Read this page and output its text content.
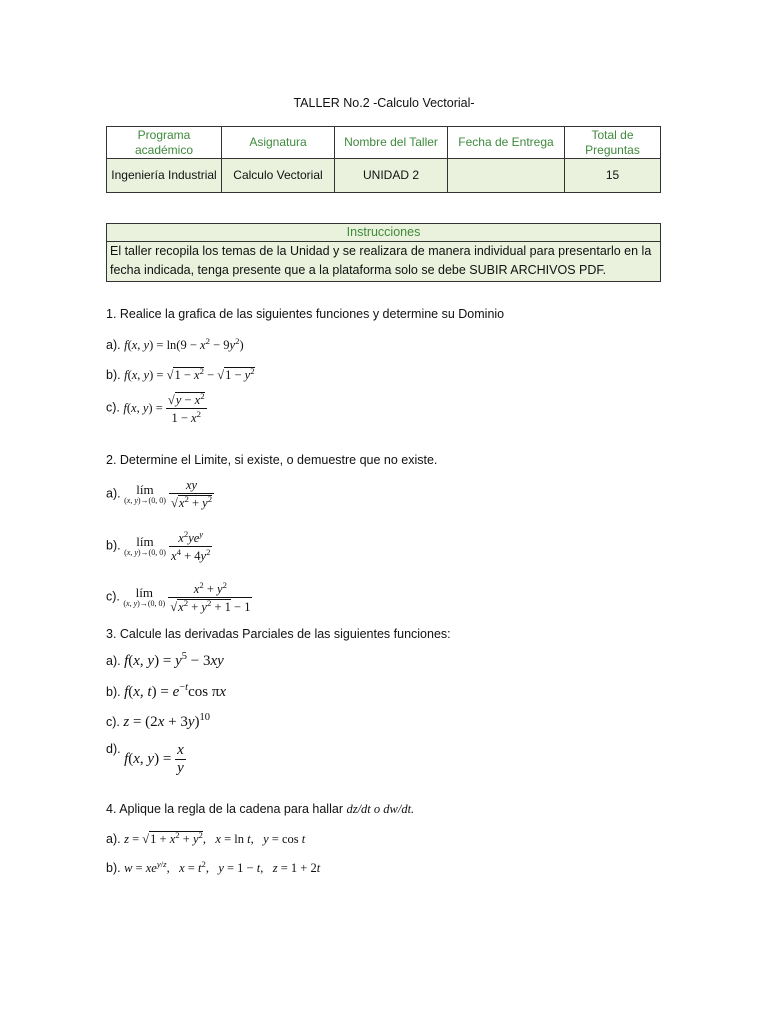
TALLER No.2 -Calculo Vectorial-
Programa académico	Asignatura	Nombre del Taller	Fecha de Entrega	Total de Preguntas
Ingeniería Industrial	Calculo Vectorial	UNIDAD 2		15
Instrucciones
El taller recopila los temas de la Unidad y se realizara de manera individual para presentarlo en la fecha indicada, tenga presente que a la plataforma solo se debe SUBIR ARCHIVOS PDF.
1. Realice la grafica de las siguientes funciones y determine su Dominio
a). f(x, $y) = \ln(9 - x^2 - 9y^2)$
b). f(x, $y) = √1 - x^2 - √1 - y^2$
c). f(x, $y) = \frac{√y - x^2}{1 - x^2}$
2. Determine el Limite, si existe, o demuestre que no existe.
a).	lím
(x, y)→(0, 0)
$\frac{xy}{√x^2 + y^2}$
b).	lím
(x, y)→(0, 0)
$\frac{x^2ye^y}{x^4 + 4y^2}$
c).	lím
(x, y)→(0, 0)
$\frac{x^2 + y^2}{√x^2 + y^2 + 1 - 1}$
3. Calcule las derivadas Parciales de las siguientes funciones:
a). f(x, $y) = y^5 - 3xy$
b). f(x, $t) = e^{-t}\cos$ πx
c). $z = (2x + 3y)^{10}$
d). f(x, $y) = \frac{x}{y}$
4. Aplique la regla de la cadena para hallar dz/dt o dw/dt.
a). $z = √1 + x^2 + y^2$,   x = ln t,   y = cos t
b). $w = xe^{y/z}$,   $x = t^2$,   y = 1 − t,   z = 1 + 2t
